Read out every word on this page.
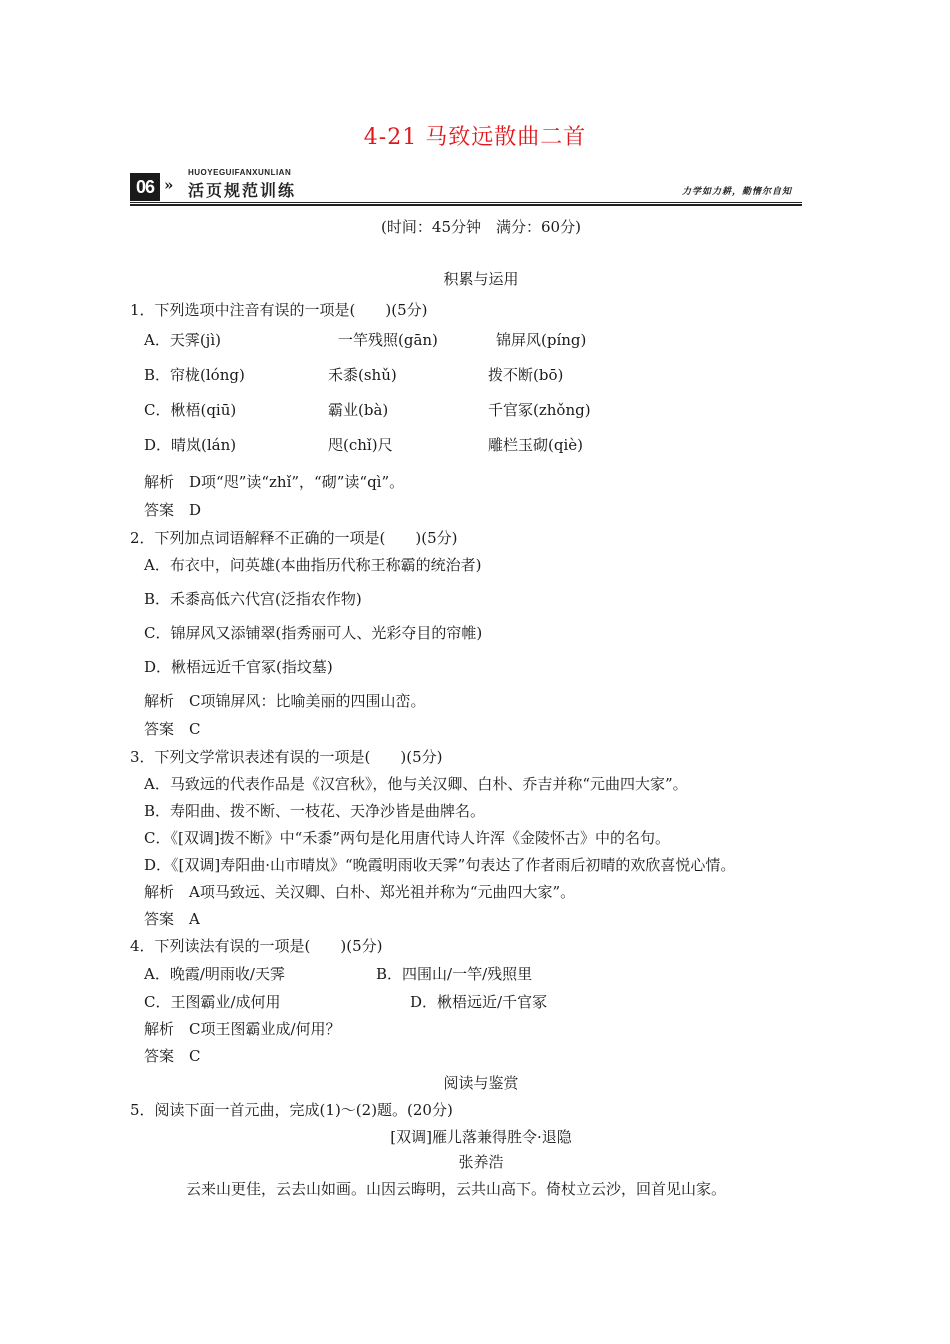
4-21 马致远散曲二首
HUOYEGUIFANXUNLIAN
06 » 活页规范训练	力学如力耕，勤惰尔自知
(时间：45分钟　满分：60分)
积累与运用
1．下列选项中注音有误的一项是(　　)(5分)
A．天霁(jì)	一竿残照(gān)	锦屏风(píng)
B．帘栊(lóng)	禾黍(shǔ)	拨不断(bō)
C．楸梧(qiū)	霸业(bà)	千官冢(zhǒng)
D．晴岚(lán)	咫(chǐ)尺	雕栏玉砌(qiè)
解析　D项“咫”读“zhǐ”，“砌”读“qì”。
答案　D
2．下列加点词语解释不正确的一项是(　　)(5分)
A．布衣中，问英雄(本曲指历代称王称霸的统治者)
B．禾黍高低六代宫(泛指农作物)
C．锦屏风又添铺翠(指秀丽可人、光彩夺目的帘帷)
D．楸梧远近千官冢(指坟墓)
解析　C项锦屏风：比喻美丽的四围山峦。
答案　C
3．下列文学常识表述有误的一项是(　　)(5分)
A．马致远的代表作品是《汉宫秋》，他与关汉卿、白朴、乔吉并称“元曲四大家”。
B．寿阳曲、拨不断、一枝花、天净沙皆是曲牌名。
C．《[双调]拨不断》中“禾黍”两句是化用唐代诗人许浑《金陵怀古》中的名句。
D．《[双调]寿阳曲·山市晴岚》“晚霞明雨收天霁”句表达了作者雨后初晴的欢欣喜悦心情。
解析　A项马致远、关汉卿、白朴、郑光祖并称为“元曲四大家”。
答案　A
4．下列读法有误的一项是(　　)(5分)
A．晚霞/明雨收/天霁	B．四围山/一竿/残照里
C．王图霸业/成何用	D．楸梧远近/千官冢
解析　C项王图霸业成/何用？
答案　C
阅读与鉴赏
5．阅读下面一首元曲，完成(1)～(2)题。(20分)
[双调]雁儿落兼得胜令·退隐
张养浩
云来山更佳，云去山如画。山因云晦明，云共山高下。倚杖立云沙，回首见山家。
